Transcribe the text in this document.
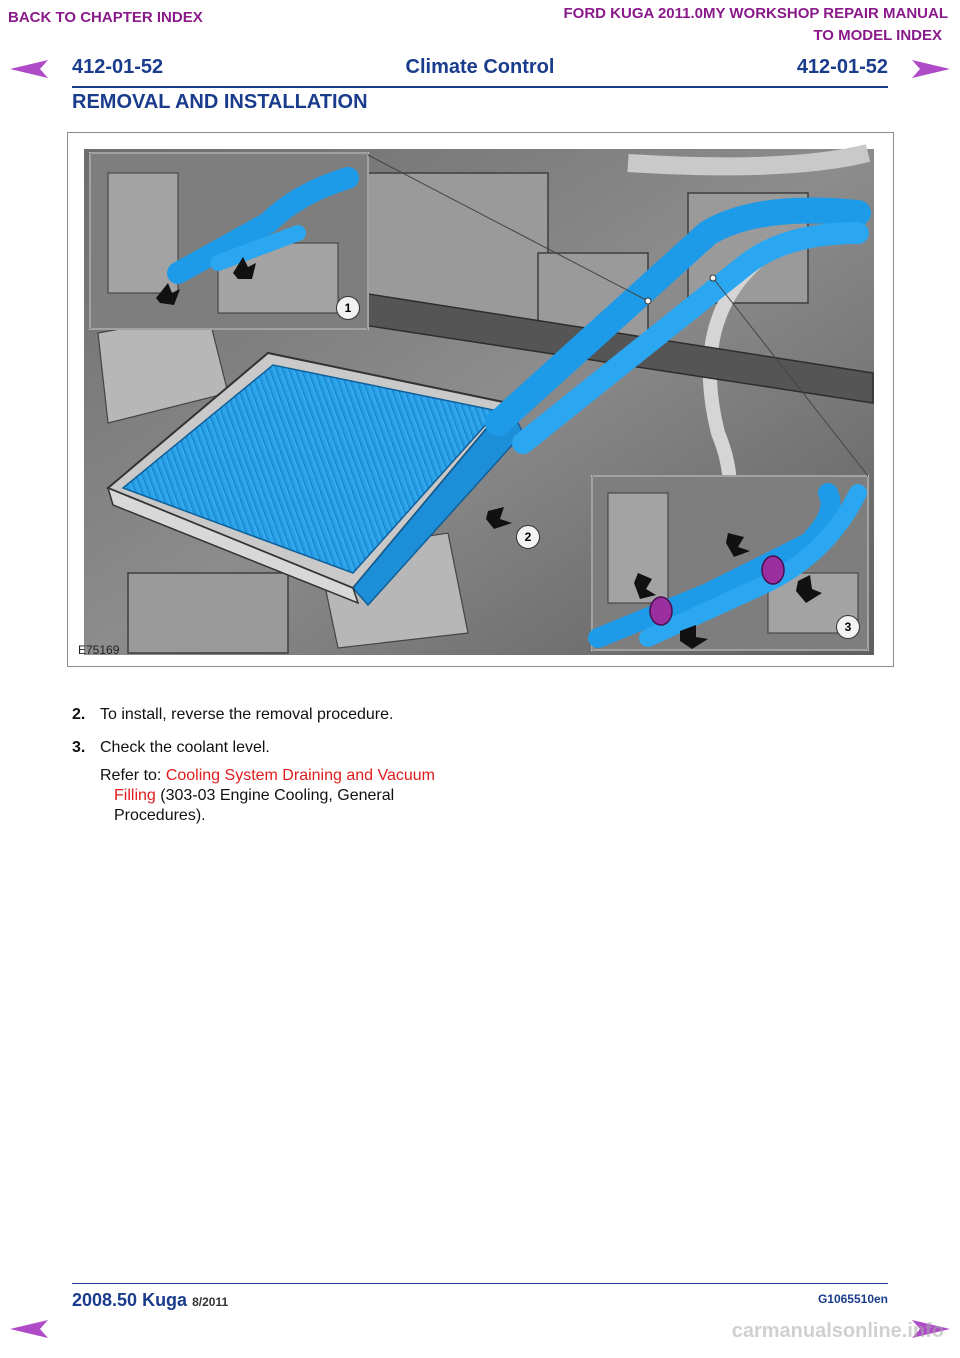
BACK TO CHAPTER INDEX	FORD KUGA 2011.0MY WORKSHOP REPAIR MANUAL
TO MODEL INDEX
412-01-52	Climate Control	412-01-52
REMOVAL AND INSTALLATION
1
2
3
E75169
2. To install, reverse the removal procedure.
3. Check the coolant level.
Refer to: Cooling System Draining and Vacuum
Filling (303-03 Engine Cooling, General
Procedures).
2008.50 Kuga 8/2011	G1065510en
carmanualsonline.info
